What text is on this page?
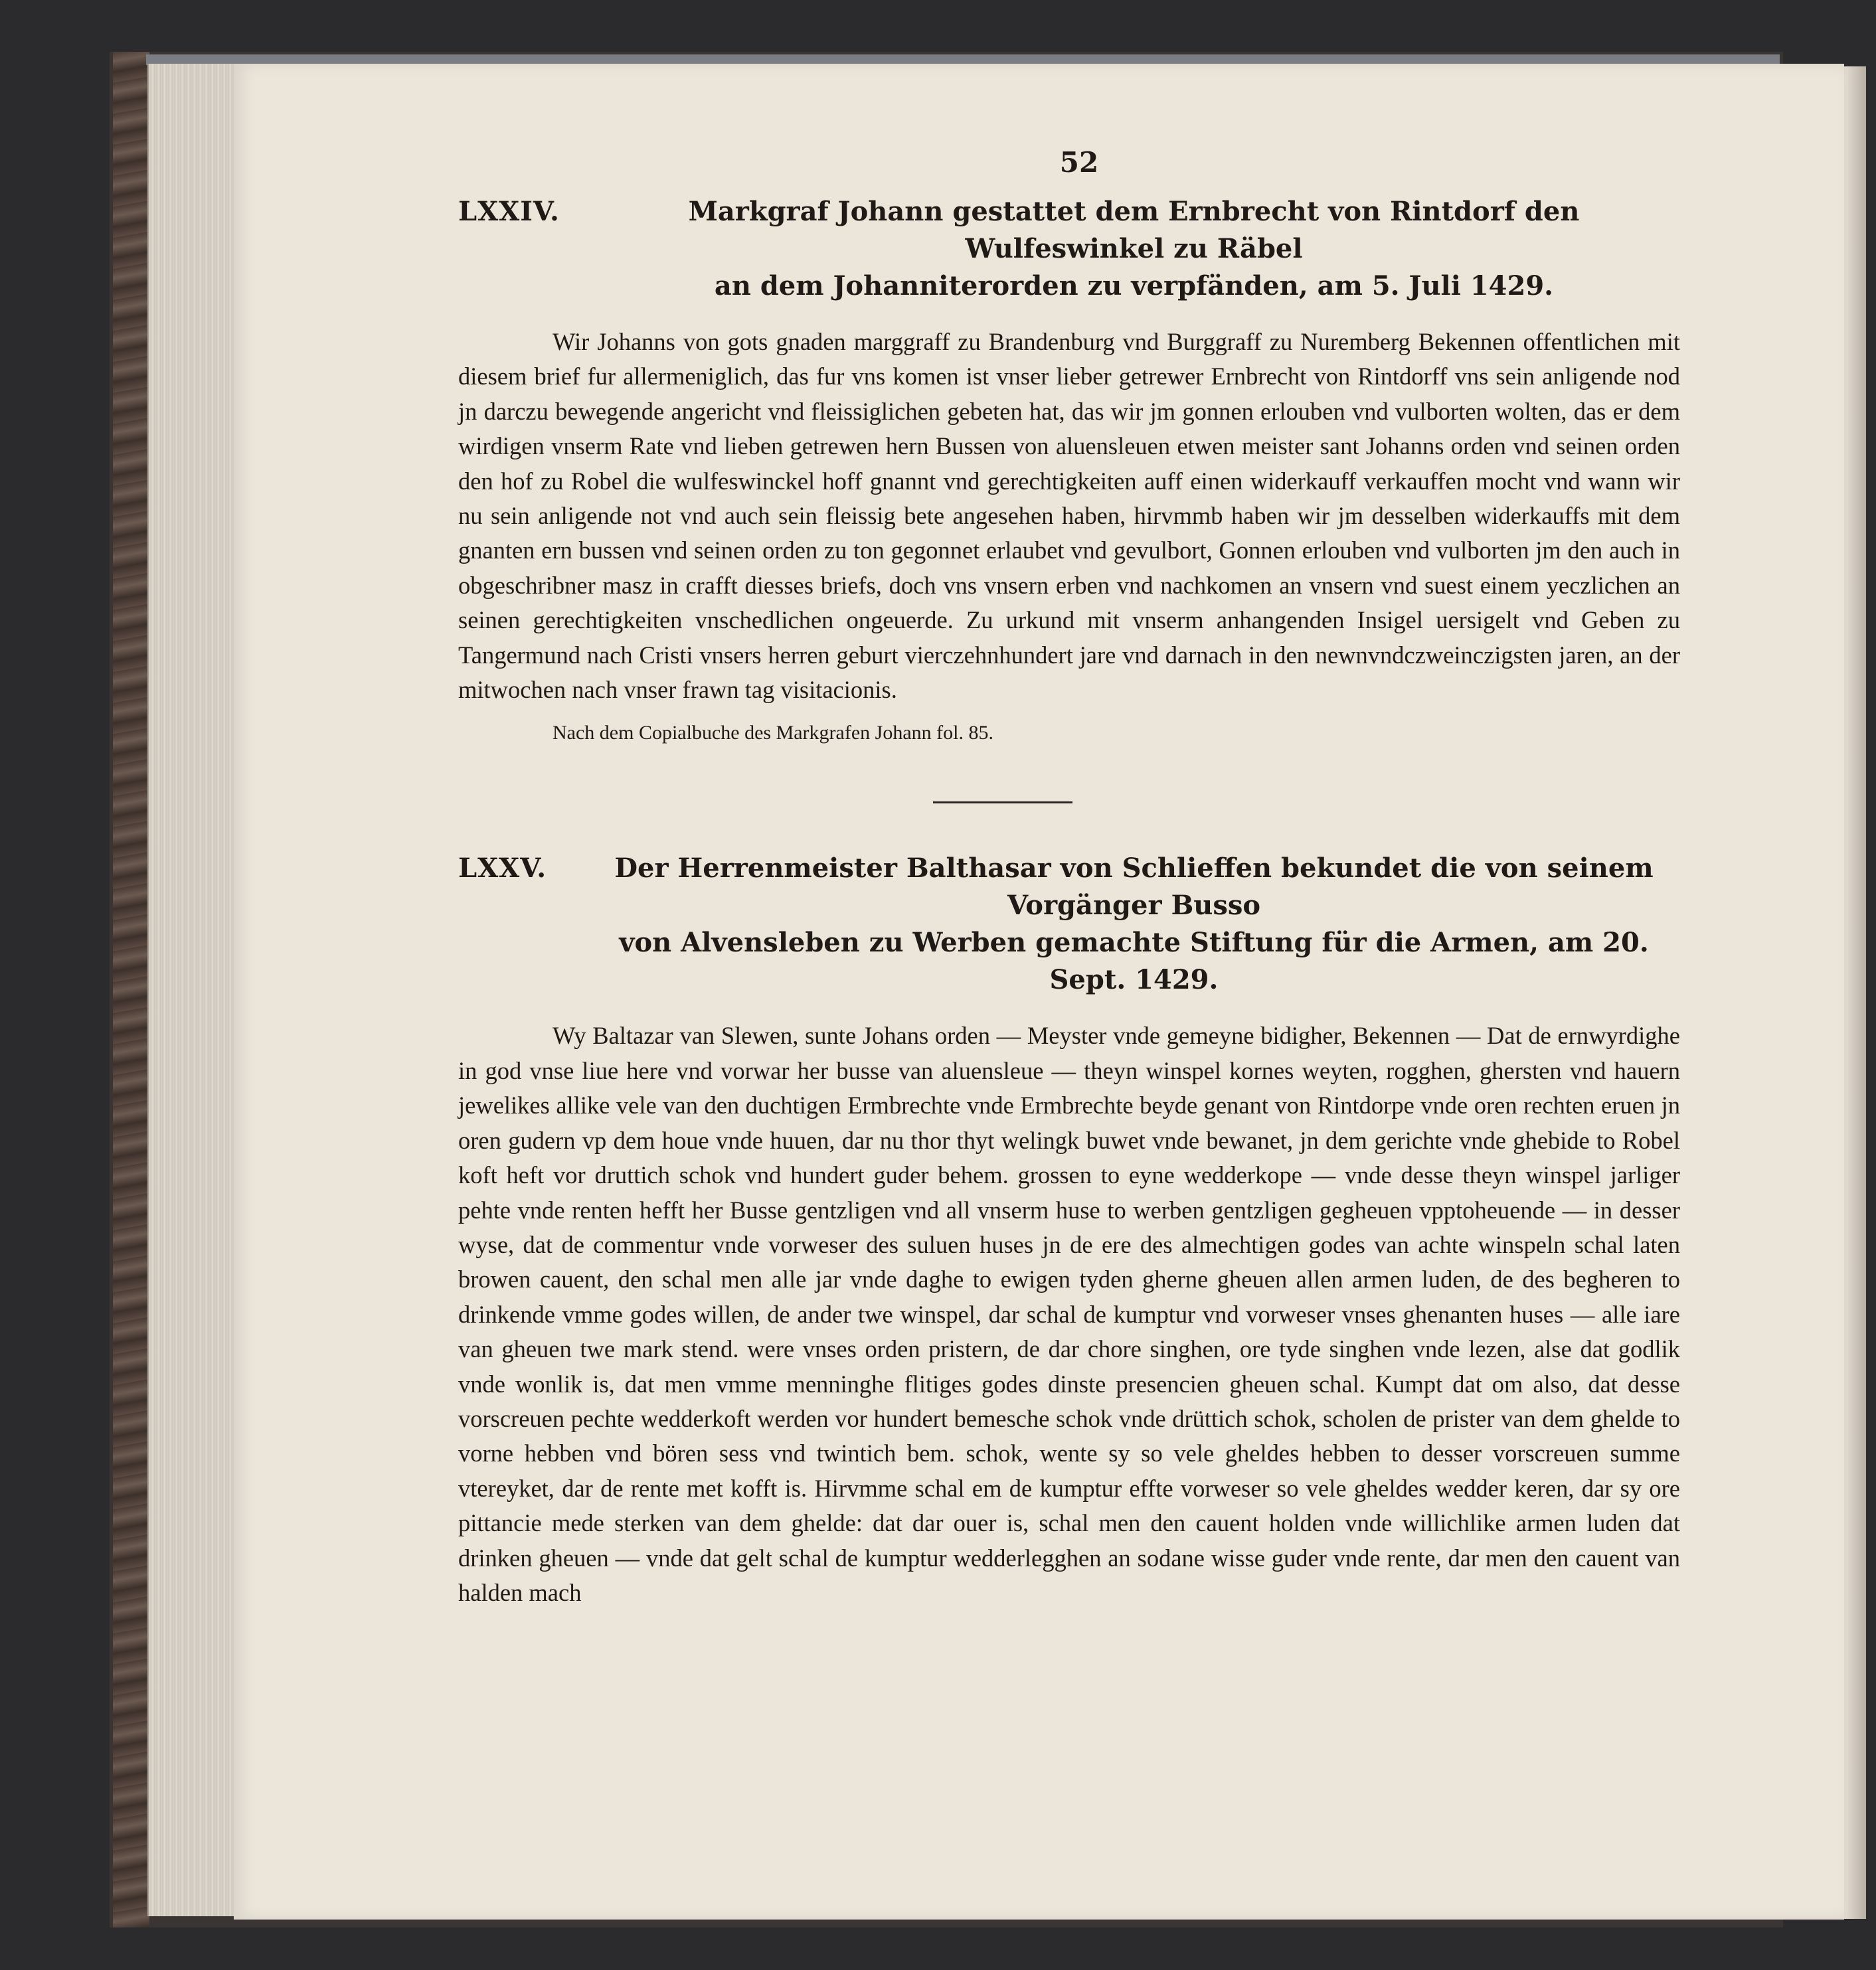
52
LXXIV.	Markgraf Johann gestattet dem Ernbrecht von Rintdorf den Wulfeswinkel zu Räbel
an dem Johanniterorden zu verpfänden, am 5. Juli 1429.

Wir Johanns von gots gnaden marggraff zu Brandenburg vnd Burggraff zu Nuremberg Bekennen offentlichen mit diesem brief fur allermeniglich, das fur vns komen ist vnser lieber getrewer Ernbrecht von Rintdorff vns sein anligende nod jn darczu bewegende angericht vnd fleissiglichen gebeten hat, das wir jm gonnen erlouben vnd vulborten wolten, das er dem wirdigen vnserm Rate vnd lieben getrewen hern Bussen von aluensleuen etwen meister sant Johanns orden vnd seinen orden den hof zu Robel die wulfeswinckel hoff gnannt vnd gerechtigkeiten auff einen widerkauff verkauffen mocht vnd wann wir nu sein anligende not vnd auch sein fleissig bete angesehen haben, hirvmmb haben wir jm desselben widerkauffs mit dem gnanten ern bussen vnd seinen orden zu ton gegonnet erlaubet vnd gevulbort, Gonnen erlouben vnd vulborten jm den auch in obgeschribner masz in crafft diesses briefs, doch vns vnsern erben vnd nachkomen an vnsern vnd suest einem yeczlichen an seinen gerechtigkeiten vnschedlichen ongeuerde. Zu urkund mit vnserm anhangenden Insigel uersigelt vnd Geben zu Tangermund nach Cristi vnsers herren geburt vierczehnhundert jare vnd darnach in den newnvndczweinczigsten jaren, an der mitwochen nach vnser frawn tag visitacionis.

Nach dem Copialbuche des Markgrafen Johann fol. 85.
LXXV.	Der Herrenmeister Balthasar von Schlieffen bekundet die von seinem Vorgänger Busso
von Alvensleben zu Werben gemachte Stiftung für die Armen, am 20. Sept. 1429.

Wy Baltazar van Slewen, sunte Johans orden — Meyster vnde gemeyne bidigher, Bekennen — Dat de ernwyrdighe in god vnse liue here vnd vorwar her busse van aluensleue — theyn winspel kornes weyten, rogghen, ghersten vnd hauern jewelikes allike vele van den duchtigen Ermbrechte vnde Ermbrechte beyde genant von Rintdorpe vnde oren rechten eruen jn oren gudern vp dem houe vnde huuen, dar nu thor thyt welingk buwet vnde bewanet, jn dem gerichte vnde ghebide to Robel koft heft vor druttich schok vnd hundert guder behem. grossen to eyne wedderkope — vnde desse theyn winspel jarliger pehte vnde renten hefft her Busse gentzligen vnd all vnserm huse to werben gentzligen gegheuen vpptoheuende — in desser wyse, dat de commentur vnde vorweser des suluen huses jn de ere des almechtigen godes van achte winspeln schal laten browen cauent, den schal men alle jar vnde daghe to ewigen tyden gherne gheuen allen armen luden, de des begheren to drinkende vmme godes willen, de ander twe winspel, dar schal de kumptur vnd vorweser vnses ghenanten huses — alle iare van gheuen twe mark stend. were vnses orden pristern, de dar chore singhen, ore tyde singhen vnde lezen, alse dat godlik vnde wonlik is, dat men vmme menninghe flitiges godes dinste presencien gheuen schal. Kumpt dat om also, dat desse vorscreuen pechte wedderkoft werden vor hundert bemesche schok vnde drüttich schok, scholen de prister van dem ghelde to vorne hebben vnd bören sess vnd twintich bem. schok, wente sy so vele gheldes hebben to desser vorscreuen summe vtereyket, dar de rente met kofft is. Hirvmme schal em de kumptur effte vorweser so vele gheldes wedder keren, dar sy ore pittancie mede sterken van dem ghelde: dat dar ouer is, schal men den cauent holden vnde willichlike armen luden dat drinken gheuen — vnde dat gelt schal de kumptur wedderlegghen an sodane wisse guder vnde rente, dar men den cauent van halden mach
